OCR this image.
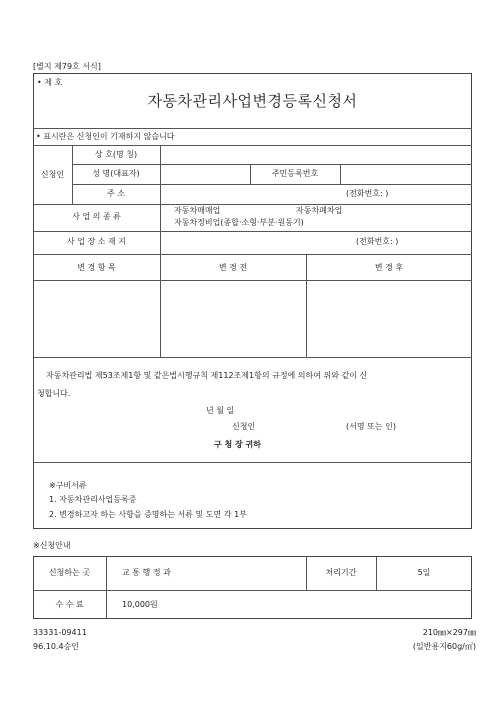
[별지 제79호 서식]
• 제 호
자동차관리사업변경등록신청서
• 표시란은 신청인이 기재하지 않습니다
신청인
상 호(명 칭)
성 명(대표자)	주민등록번호
주 소	(전화번호: )
사 업 의 종 류
자동차매매업	자동차폐차업
자동차정비업(종합·소형·부분·원동기)
사 업 장 소 재 지	(전화번호: )
변 경 항 목	변 경 전	변 경 후
자동차관리법 제53조제1항 및 같은법시행규칙 제112조제1항의 규정에 의하여 위와 같이 신
청합니다.
년 월 일
신청인	(서명 또는 인)
구 청 장 귀하
※구비서류
1. 자동차관리사업등록증
2. 변경하고자 하는 사항을 증명하는 서류 및 도면 각 1부
※신청안내
신청하는 곳	교 통 행 정 과	처리기간	5일
수 수 료	10,000원
33331-09411
96.10.4승인
210㎜×297㎜
(일반용지60g/㎡)
